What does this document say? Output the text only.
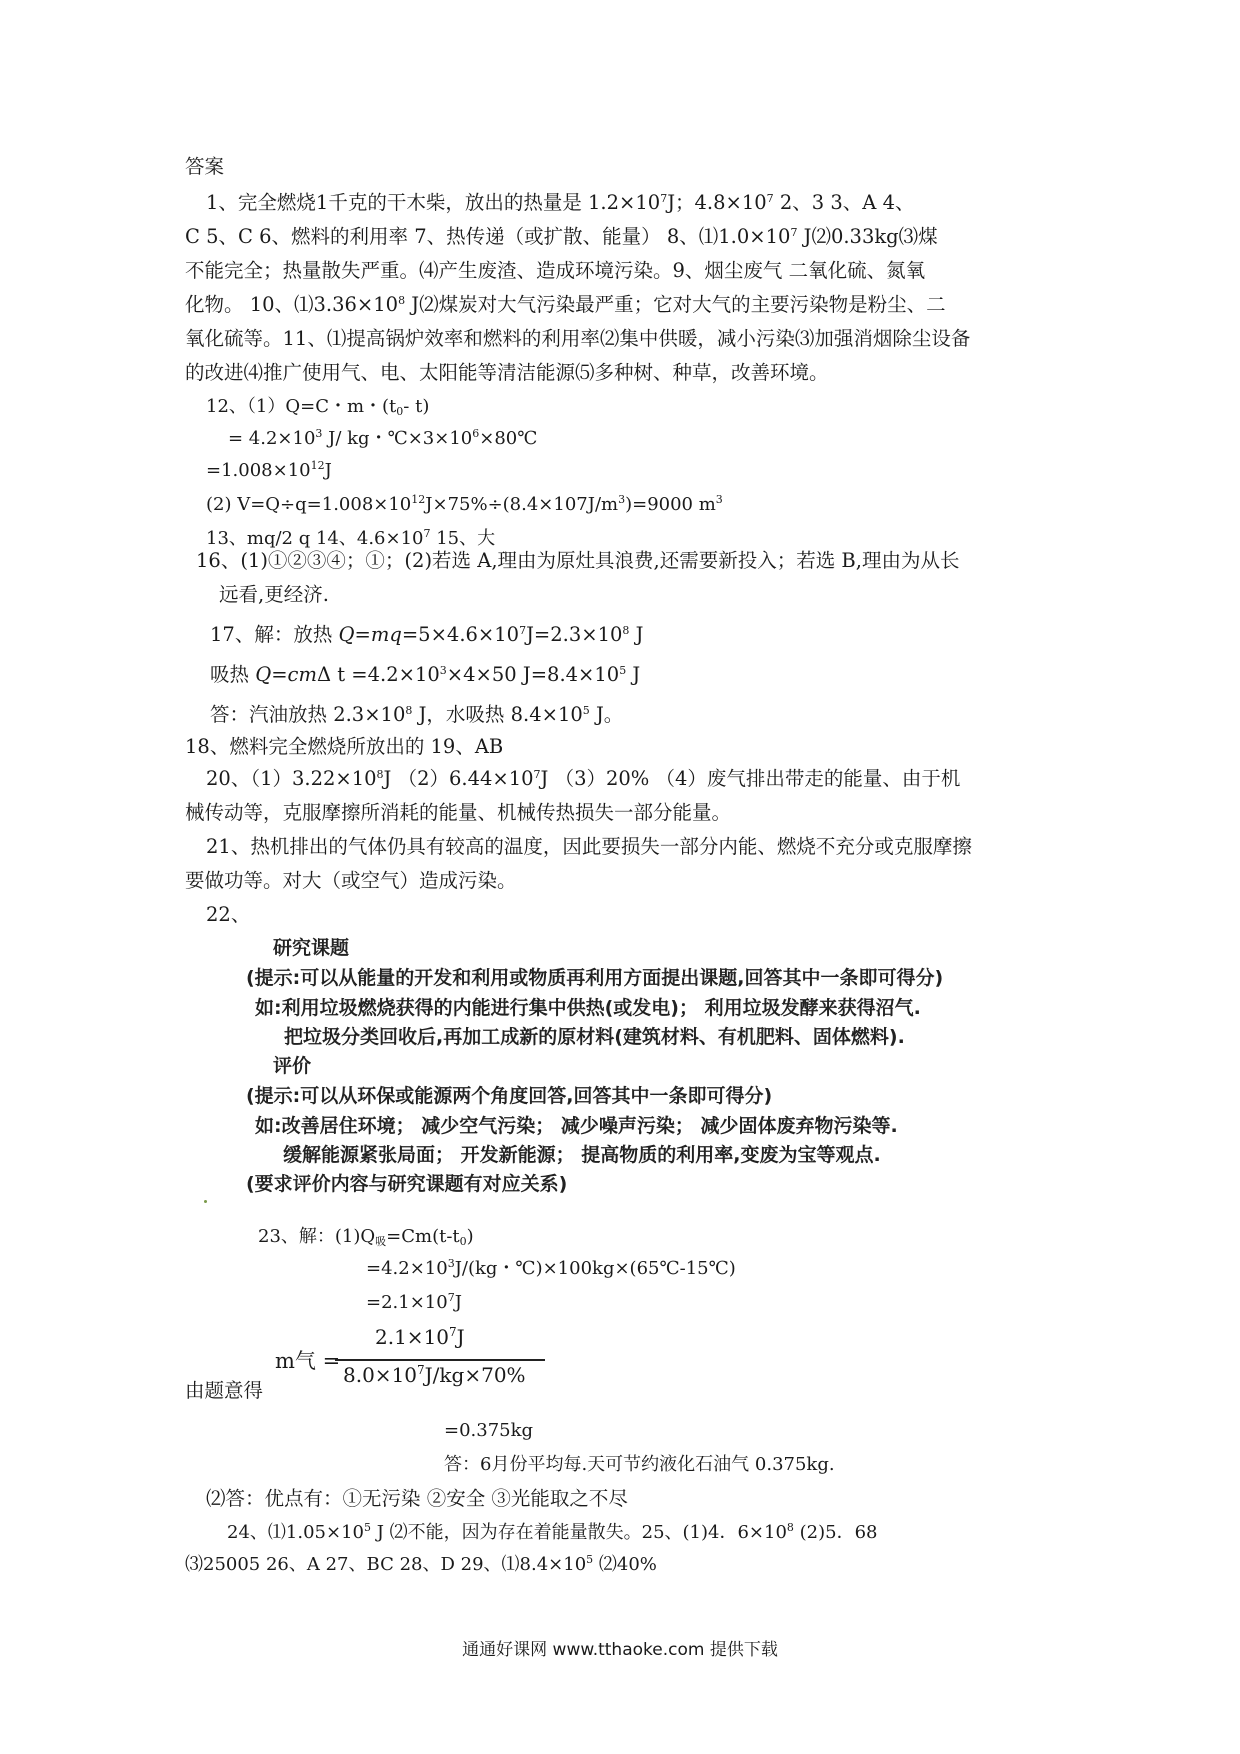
答案
1、完全燃烧1千克的干木柴，放出的热量是 $1.2\times 10^7J$；$4.8\times 10^7$ 2、3 3、A 4、
C 5、C 6、燃料的利用率 7、热传递（或扩散、能量） 8、$⑴1.0\times 10^7$ J⑵0.33kg⑶煤
不能完全；热量散失严重。⑷产生废渣、造成环境污染。9、烟尘废气 二氧化硫、氮氧
化物。 10、$⑴3.36\times 10^8$ J⑵煤炭对大气污染最严重；它对大气的主要污染物是粉尘、二
氧化硫等。11、⑴提高锅炉效率和燃料的利用率⑵集中供暖，减小污染⑶加强消烟除尘设备
的改进⑷推广使用气、电、太阳能等清洁能源⑸多种树、种草，改善环境。
12、（1）Q=C・m・($t_0-$ t)
= $4.2\times 10^3$ J/ kg・$℃\times 3\times 10^6\times 80℃$
$=1.008\times 10^{12}J$
(2) $V=Q\div q=1.008\times 10^{12}J\times 75\%\div(8.4\times 107J/m^3)=9000$ $m^3$
13、mq/2 q 14、$4.6\times 10^7$ 15、大
16、(1)①②③④；①；(2)若选 A,理由为原灶具浪费,还需要新投入；若选 B,理由为从长
远看,更经济.
17、解：放热 $Q=mq=5\times 4.6\times 10^7J=2.3\times 10^8$ J
吸热 Q=cmΔ $t =4.2\times 10^3\times 4\times 50$ $J=8.4\times 10^5$ J
答：汽油放热 $2.3\times 10^8$ J，水吸热 $8.4\times 10^5$ J。
18、燃料完全燃烧所放出的 19、AB
20、$(1)3.22\times 10^8J$ $(2)6.44\times 10^7J$ （3）20% （4）废气排出带走的能量、由于机
械传动等，克服摩擦所消耗的能量、机械传热损失一部分能量。
21、热机排出的气体仍具有较高的温度，因此要损失一部分内能、燃烧不充分或克服摩擦
要做功等。对大（或空气）造成污染。
22、
研究课题
(提示:可以从能量的开发和利用或物质再利用方面提出课题,回答其中一条即可得分)
如:利用垃圾燃烧获得的内能进行集中供热(或发电)； 利用垃圾发酵来获得沼气.
把垃圾分类回收后,再加工成新的原材料(建筑材料、有机肥料、固体燃料).
评价
(提示:可以从环保或能源两个角度回答,回答其中一条即可得分)
如:改善居住环境； 减少空气污染； 减少噪声污染； 减少固体废弃物污染等.
缓解能源紧张局面； 开发新能源； 提高物质的利用率,变废为宝等观点.
(要求评价内容与研究课题有对应关系)
23、解：$(1)Q_吸=Cm(t-t_0)$
$=4.2\times 10^3J/(kg$・℃)×100kg×(65℃-15℃)
$=2.1\times 10^7J$
m气 =
$2.1\times 10^7J$
$8.0\times 10^7J/kg\times 70\%$
由题意得
=0.375kg
答：6月份平均每.天可节约液化石油气 0.375kg.
⑵答：优点有：①无污染 ②安全 ③光能取之不尽
24、$⑴1.05\times 10^5$ J ⑵不能，因为存在着能量散失。25、(1)4．$6\times 10^8$ (2)5．68
⑶25005 26、A 27、BC 28、D 29、$⑴8.4\times 10^5$ ⑵40%
通通好课网 www.tthaoke.com 提供下载
